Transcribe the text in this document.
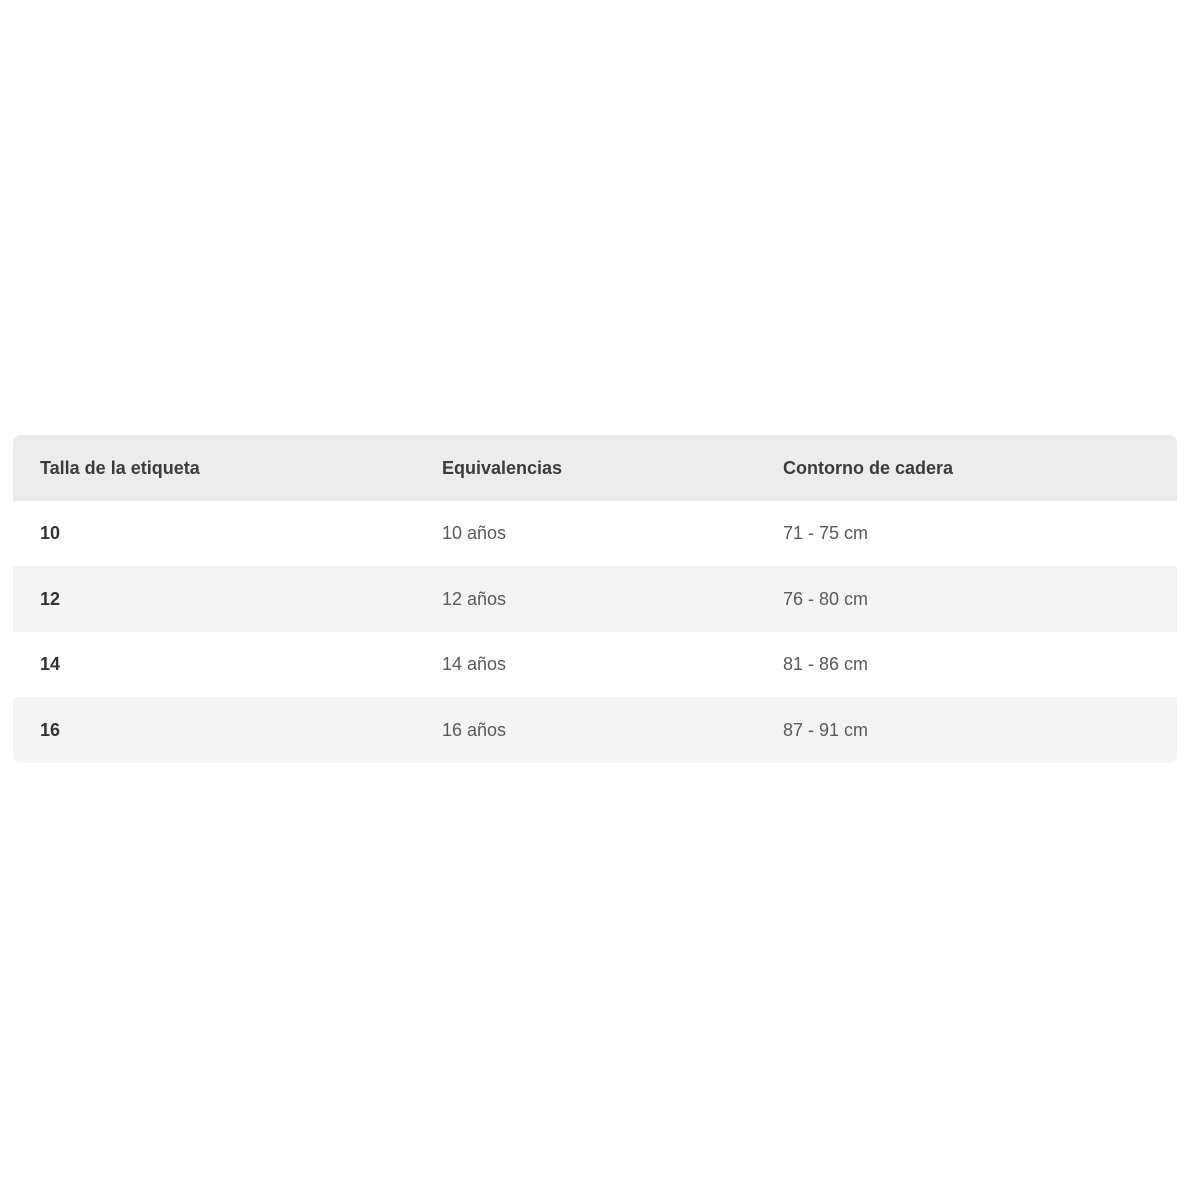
Talla de la etiqueta	Equivalencias	Contorno de cadera
10	10 años	71 - 75 cm
12	12 años	76 - 80 cm
14	14 años	81 - 86 cm
16	16 años	87 - 91 cm
